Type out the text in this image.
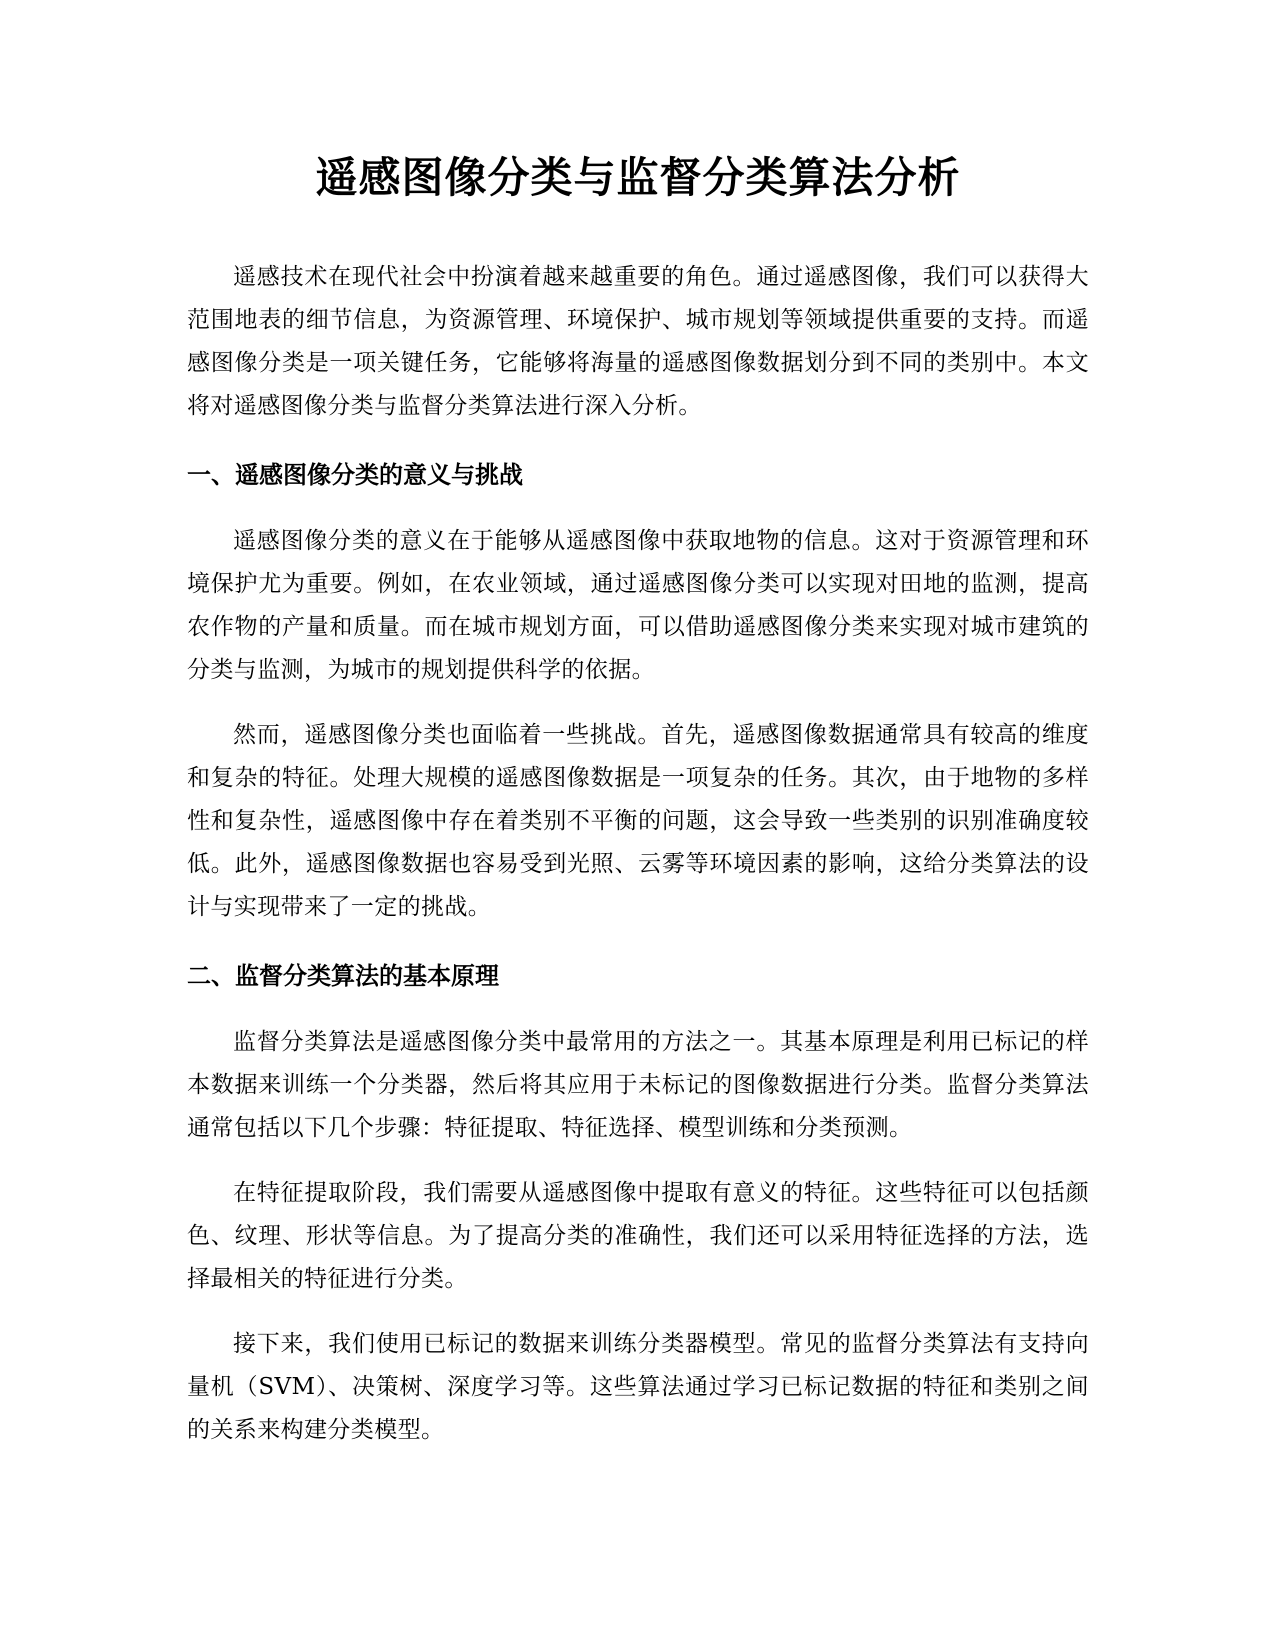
遥感图像分类与监督分类算法分析

遥感技术在现代社会中扮演着越来越重要的角色。通过遥感图像，我们可以获得大范围地表的细节信息，为资源管理、环境保护、城市规划等领域提供重要的支持。而遥感图像分类是一项关键任务，它能够将海量的遥感图像数据划分到不同的类别中。本文将对遥感图像分类与监督分类算法进行深入分析。

一、遥感图像分类的意义与挑战

遥感图像分类的意义在于能够从遥感图像中获取地物的信息。这对于资源管理和环境保护尤为重要。例如，在农业领域，通过遥感图像分类可以实现对田地的监测，提高农作物的产量和质量。而在城市规划方面，可以借助遥感图像分类来实现对城市建筑的分类与监测，为城市的规划提供科学的依据。

然而，遥感图像分类也面临着一些挑战。首先，遥感图像数据通常具有较高的维度和复杂的特征。处理大规模的遥感图像数据是一项复杂的任务。其次，由于地物的多样性和复杂性，遥感图像中存在着类别不平衡的问题，这会导致一些类别的识别准确度较低。此外，遥感图像数据也容易受到光照、云雾等环境因素的影响，这给分类算法的设计与实现带来了一定的挑战。

二、监督分类算法的基本原理

监督分类算法是遥感图像分类中最常用的方法之一。其基本原理是利用已标记的样本数据来训练一个分类器，然后将其应用于未标记的图像数据进行分类。监督分类算法通常包括以下几个步骤：特征提取、特征选择、模型训练和分类预测。

在特征提取阶段，我们需要从遥感图像中提取有意义的特征。这些特征可以包括颜色、纹理、形状等信息。为了提高分类的准确性，我们还可以采用特征选择的方法，选择最相关的特征进行分类。

接下来，我们使用已标记的数据来训练分类器模型。常见的监督分类算法有支持向量机（SVM）、决策树、深度学习等。这些算法通过学习已标记数据的特征和类别之间的关系来构建分类模型。
